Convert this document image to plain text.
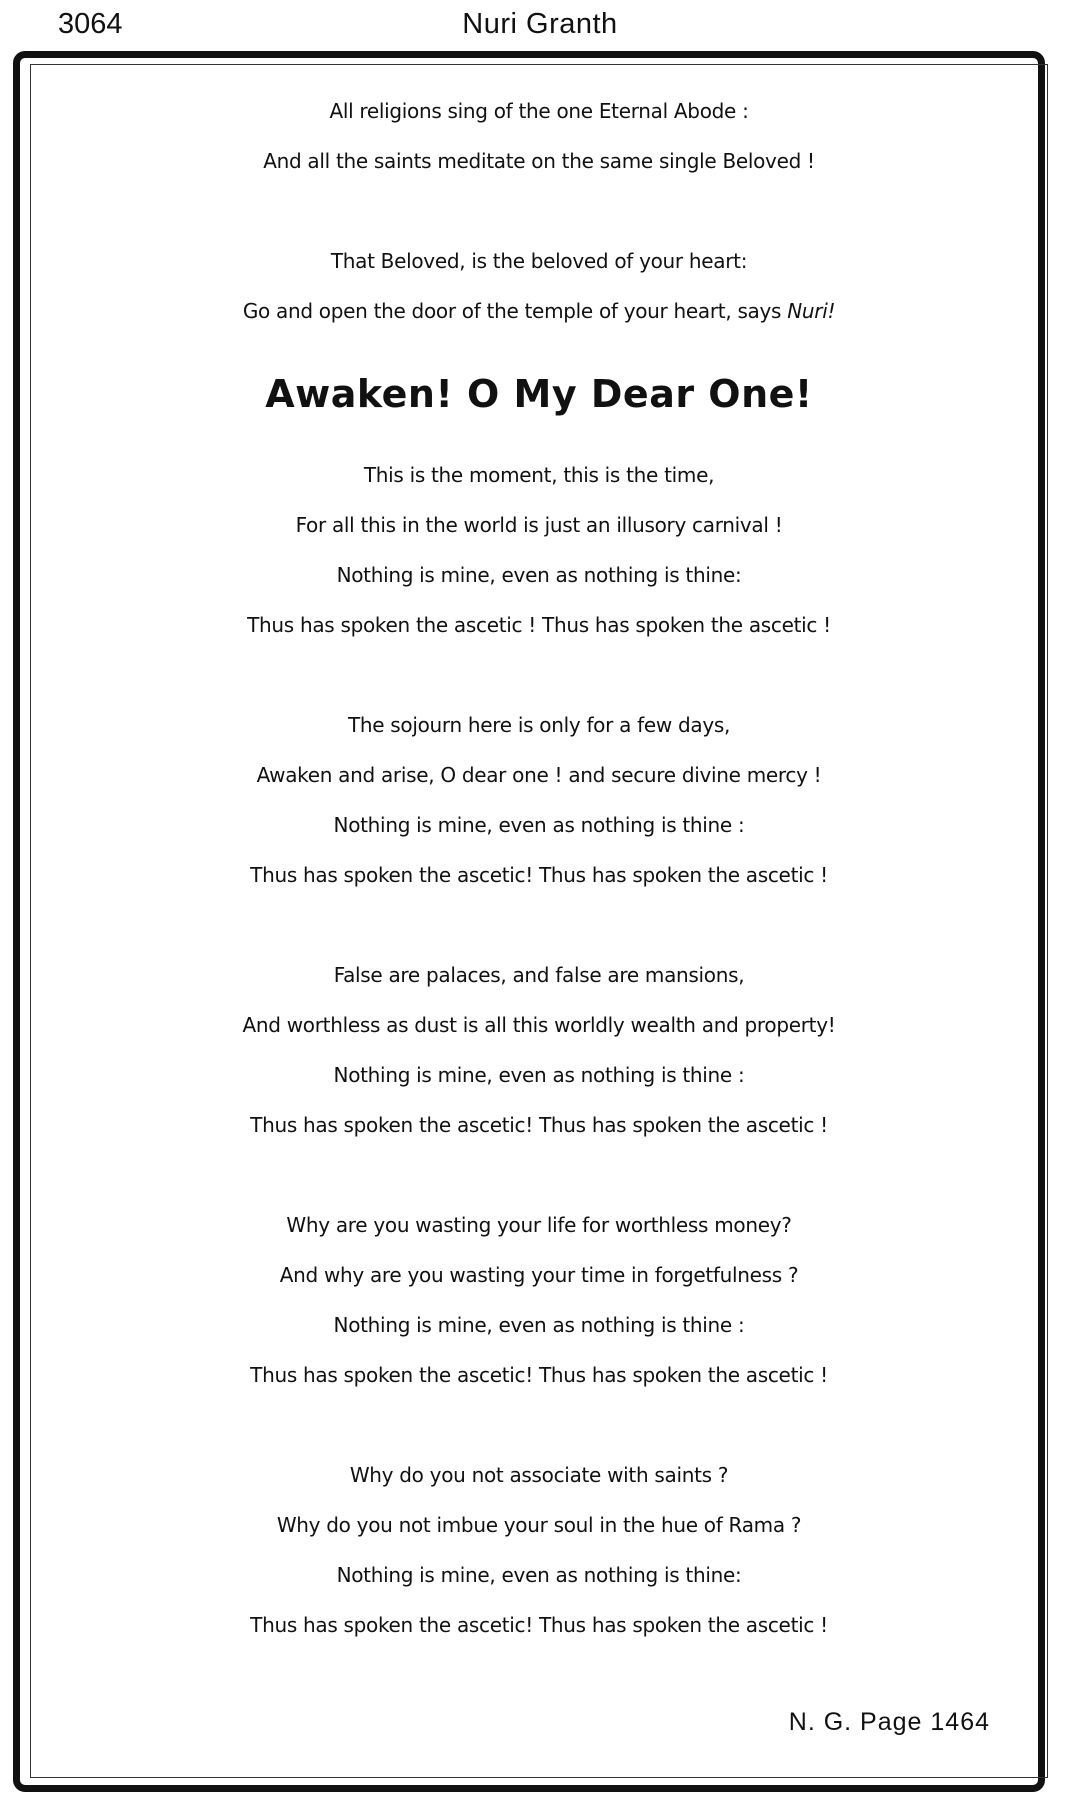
3064	Nuri Granth
All religions sing of the one Eternal Abode :
And all the saints meditate on the same single Beloved !
That Beloved, is the beloved of your heart:
Go and open the door of the temple of your heart, says Nuri!
Awaken! O My Dear One!
This is the moment, this is the time,
For all this in the world is just an illusory carnival !
Nothing is mine, even as nothing is thine:
Thus has spoken the ascetic ! Thus has spoken the ascetic !
The sojourn here is only for a few days,
Awaken and arise, O dear one ! and secure divine mercy !
Nothing is mine, even as nothing is thine :
Thus has spoken the ascetic! Thus has spoken the ascetic !
False are palaces, and false are mansions,
And worthless as dust is all this worldly wealth and property!
Nothing is mine, even as nothing is thine :
Thus has spoken the ascetic! Thus has spoken the ascetic !
Why are you wasting your life for worthless money?
And why are you wasting your time in forgetfulness ?
Nothing is mine, even as nothing is thine :
Thus has spoken the ascetic! Thus has spoken the ascetic !
Why do you not associate with saints ?
Why do you not imbue your soul in the hue of Rama ?
Nothing is mine, even as nothing is thine:
Thus has spoken the ascetic! Thus has spoken the ascetic !
N. G. Page 1464
